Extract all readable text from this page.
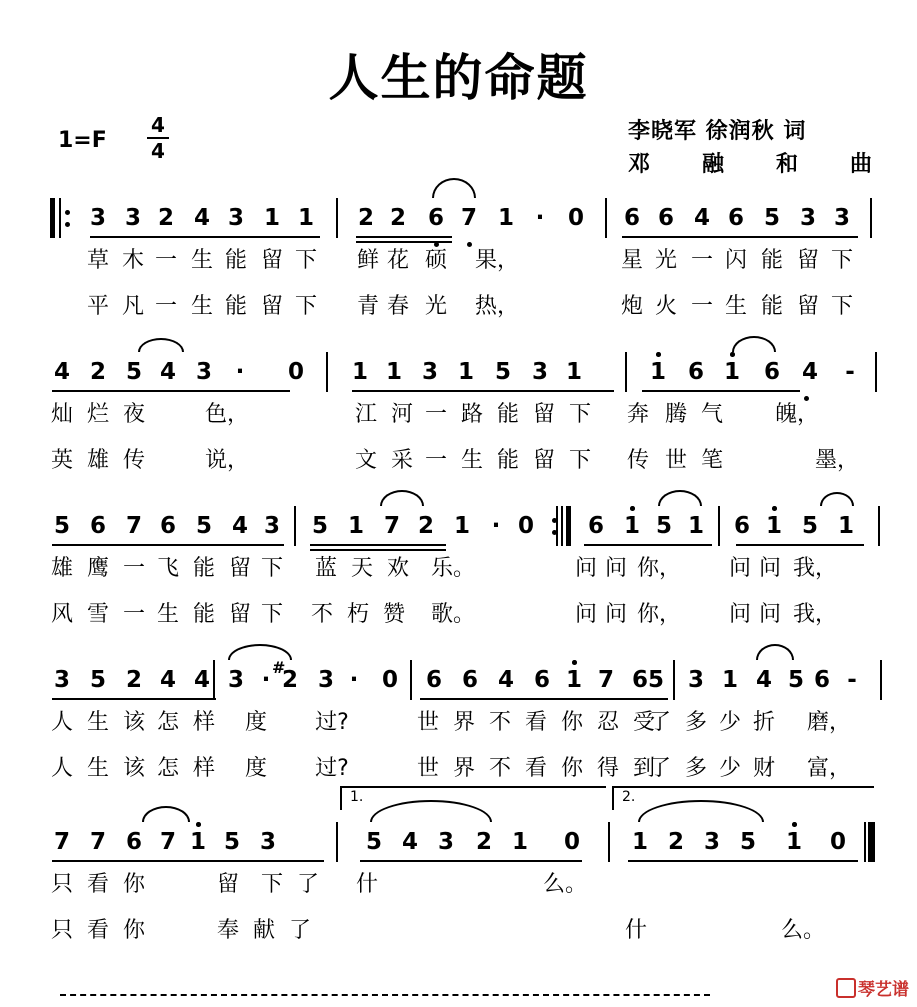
人生的命题
1=F
4
4
李晓军 徐润秋 词
邓 融 和 曲
3 3 2 4 3 1 1 2 2 6 7 1 ·	0 6 6 4 6 5 3 3
草 木 一 生 能 留 下 鲜 花 硕 果，	星 光 一 闪 能 留 下
平 凡 一 生 能 留 下 青 春 光 热，	炮 火 一 生 能 留 下
4 2 5 4 3	·	0 1 1 3 1 5 3 1	1 6 1 6 4	-
灿 烂 夜	色，	江 河 一 路 能 留 下 奔 腾 气 魄，
英 雄 传	说，	文 采 一 生 能 留 下 传 世 笔	墨，
5 6 7 6 5 4 3 5 1 7 2 1 · 0 6 1 5 1 6 1 5 1
雄 鹰 一 飞 能 留 下 蓝 天 欢 乐。	问 问 你， 问 问 我，
风 雪 一 生 能 留 下 不 朽 赞 歌。	问 问 你， 问 问 我，
3 5 2 4 4 3 · #
2 3 ·	0 6 6 4 6 1 7 6 5 3 1 4 5 6 -
人 生 该 怎 样 度 过?	世 界 不 看 你 忍 受
了 多 少 折 磨，
人 生 该 怎 样 度 过?	世 界 不 看 你 得 到
了 多 少 财 富，
7 7 6 7 1 5 3	5 4 3 2 1 0 1 2 3 5 1 0
只 看 你	留 下 了 什	么。
只 看 你	奉 献 了	什	么。
1.	2.
琴艺谱
